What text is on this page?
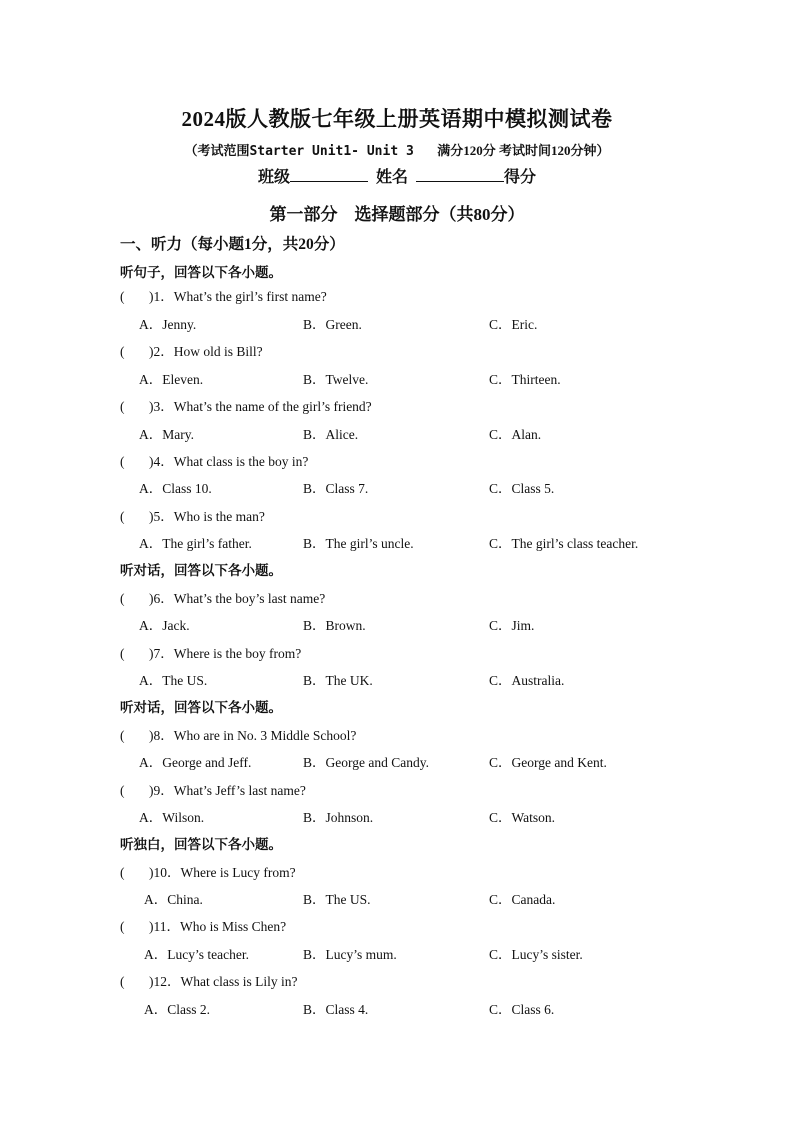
2024版人教版七年级上册英语期中模拟测试卷
（考试范围Starter Unit1- Unit 3 满分120分 考试时间120分钟）
班级	姓名	得分
第一部分　选择题部分（共80分）
一、听力（每小题1分，共20分）
听句子，回答以下各小题。
( )1．What’s the girl’s first name?
A．Jenny.	B．Green.	C．Eric.
( )2．How old is Bill?
A．Eleven.	B．Twelve.	C．Thirteen.
( )3．What’s the name of the girl’s friend?
A．Mary.	B．Alice.	C．Alan.
( )4．What class is the boy in?
A．Class 10.	B．Class 7.	C．Class 5.
( )5．Who is the man?
A．The girl’s father.	B．The girl’s uncle.	C．The girl’s class teacher.
听对话，回答以下各小题。
( )6．What’s the boy’s last name?
A．Jack.	B．Brown.	C．Jim.
( )7．Where is the boy from?
A．The US.	B．The UK.	C．Australia.
听对话，回答以下各小题。
( )8．Who are in No. 3 Middle School?
A．George and Jeff.	B．George and Candy.	C．George and Kent.
( )9．What’s Jeff’s last name?
A．Wilson.	B．Johnson.	C．Watson.
听独白，回答以下各小题。
( )10．Where is Lucy from?
A．China.	B．The US.	C．Canada.
( )11．Who is Miss Chen?
A．Lucy’s teacher.	B．Lucy’s mum.	C．Lucy’s sister.
( )12．What class is Lily in?
A．Class 2.	B．Class 4.	C．Class 6.
